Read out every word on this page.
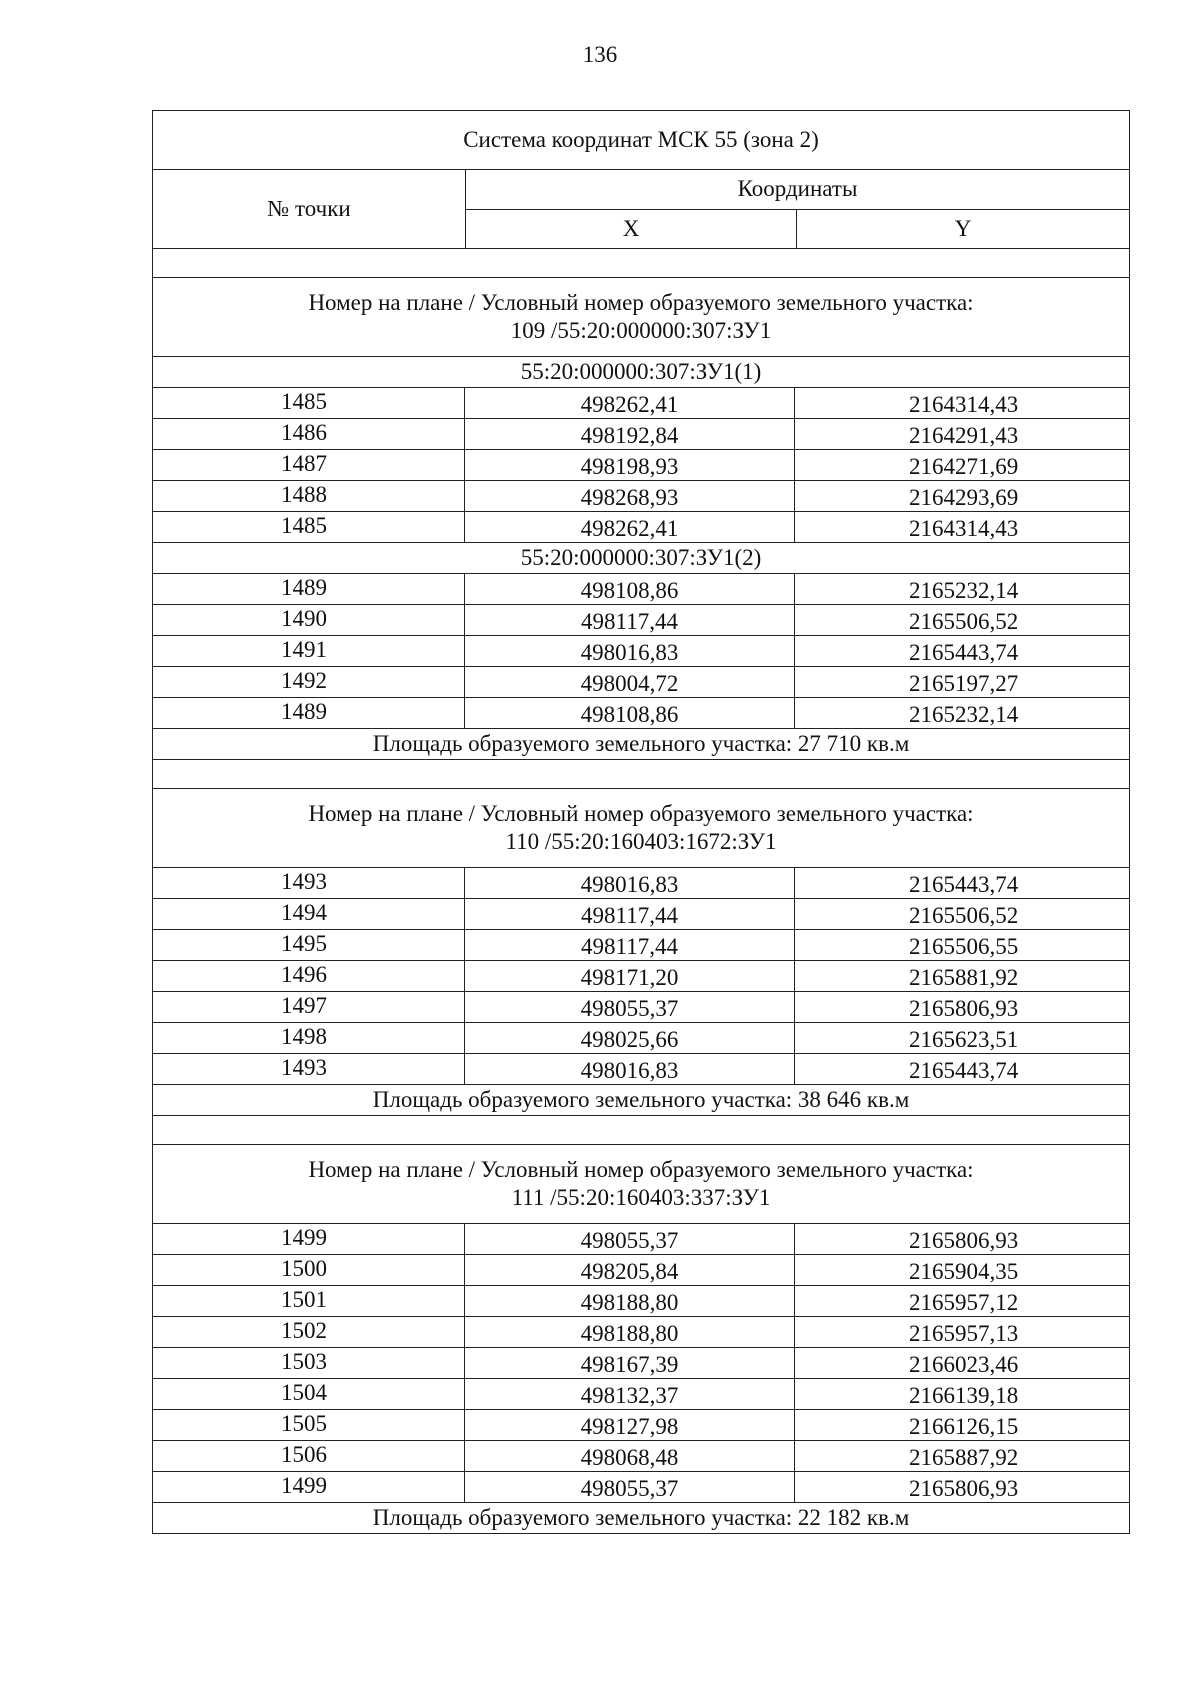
136
Система координат МСК 55 (зона 2)
№ точки
Координаты
X	Y
Номер на плане / Условный номер образуемого земельного участка:
109 /55:20:000000:307:ЗУ1
55:20:000000:307:ЗУ1(1)
1485	498262,41	2164314,43
1486	498192,84	2164291,43
1487	498198,93	2164271,69
1488	498268,93	2164293,69
1485	498262,41	2164314,43
55:20:000000:307:ЗУ1(2)
1489	498108,86	2165232,14
1490	498117,44	2165506,52
1491	498016,83	2165443,74
1492	498004,72	2165197,27
1489	498108,86	2165232,14
Площадь образуемого земельного участка: 27 710 кв.м
Номер на плане / Условный номер образуемого земельного участка:
110 /55:20:160403:1672:ЗУ1
1493	498016,83	2165443,74
1494	498117,44	2165506,52
1495	498117,44	2165506,55
1496	498171,20	2165881,92
1497	498055,37	2165806,93
1498	498025,66	2165623,51
1493	498016,83	2165443,74
Площадь образуемого земельного участка: 38 646 кв.м
Номер на плане / Условный номер образуемого земельного участка:
111 /55:20:160403:337:ЗУ1
1499	498055,37	2165806,93
1500	498205,84	2165904,35
1501	498188,80	2165957,12
1502	498188,80	2165957,13
1503	498167,39	2166023,46
1504	498132,37	2166139,18
1505	498127,98	2166126,15
1506	498068,48	2165887,92
1499	498055,37	2165806,93
Площадь образуемого земельного участка: 22 182 кв.м
